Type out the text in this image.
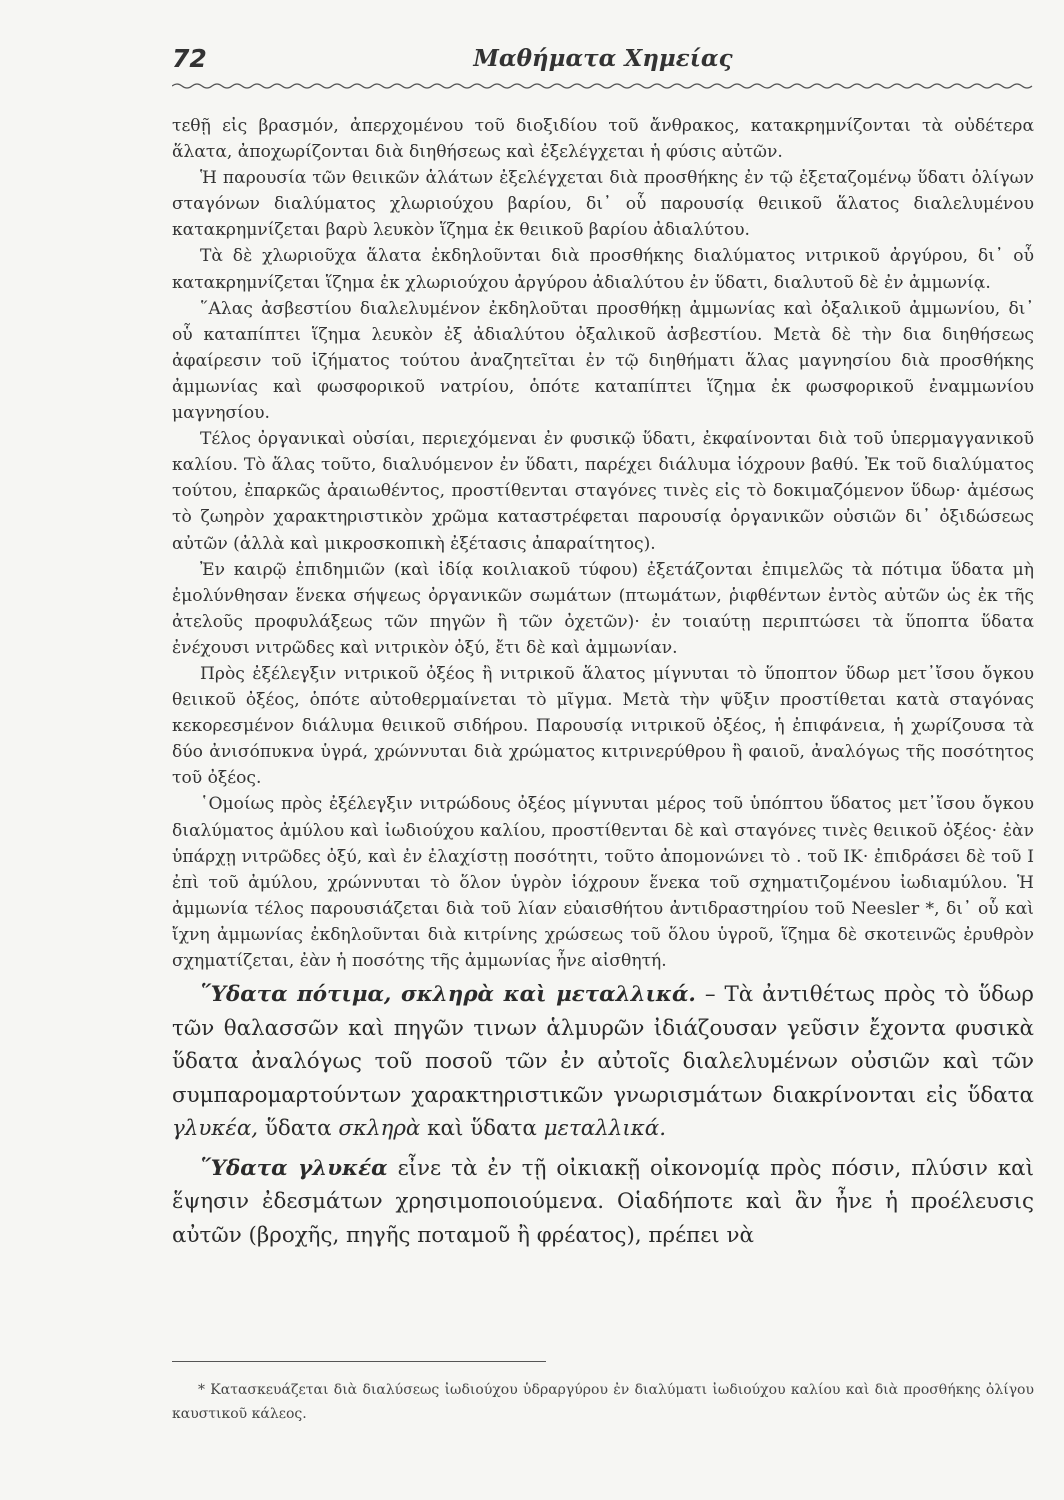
72	Μαθήματα Χημείας

τεθῇ εἰς βρασμόν, ἀπερχομένου τοῦ διοξιδίου τοῦ ἄνθρακος, κατακρημνίζονται τὰ οὐδέτερα ἅλατα, ἀποχωρίζονται διὰ διηθήσεως καὶ ἐξελέγχεται ἡ φύσις αὐτῶν.

Ἡ παρουσία τῶν θειικῶν ἁλάτων ἐξελέγχεται διὰ προσθήκης ἐν τῷ ἐξεταζομένῳ ὕδατι ὀλίγων σταγόνων διαλύματος χλωριούχου βαρίου, δι᾽ οὗ παρουσίᾳ θειικοῦ ἅλατος διαλελυμένου κατακρημνίζεται βαρὺ λευκὸν ἵζημα ἐκ θειικοῦ βαρίου ἀδιαλύτου.

Τὰ δὲ χλωριοῦχα ἅλατα ἐκδηλοῦνται διὰ προσθήκης διαλύματος νιτρικοῦ ἀργύρου, δι᾽ οὗ κατακρημνίζεται ἵζημα ἐκ χλωριούχου ἀργύρου ἀδιαλύτου ἐν ὕδατι, διαλυτοῦ δὲ ἐν ἀμμωνίᾳ.

῞Αλας ἀσβεστίου διαλελυμένον ἐκδηλοῦται προσθήκῃ ἀμμωνίας καὶ ὀξαλικοῦ ἀμμωνίου, δι᾽ οὗ καταπίπτει ἵζημα λευκὸν ἐξ ἀδιαλύτου ὀξαλικοῦ ἀσβεστίου. Μετὰ δὲ τὴν δια διηθήσεως ἀφαίρεσιν τοῦ ἱζήματος τούτου ἀναζητεῖται ἐν τῷ διηθήματι ἅλας μαγνησίου διὰ προσθήκης ἀμμωνίας καὶ φωσφορικοῦ νατρίου, ὁπότε καταπίπτει ἵζημα ἐκ φωσφορικοῦ ἐναμμωνίου μαγνησίου.

Τέλος ὀργανικαὶ οὐσίαι, περιεχόμεναι ἐν φυσικῷ ὕδατι, ἐκφαίνονται διὰ τοῦ ὑπερμαγγανικοῦ καλίου. Τὸ ἅλας τοῦτο, διαλυόμενον ἐν ὕδατι, παρέχει διάλυμα ἰόχρουν βαθύ. Ἐκ τοῦ διαλύματος τούτου, ἐπαρκῶς ἀραιωθέντος, προστίθενται σταγόνες τινὲς εἰς τὸ δοκιμαζόμενον ὕδωρ· ἀμέσως τὸ ζωηρὸν χαρακτηριστικὸν χρῶμα καταστρέφεται παρουσίᾳ ὀργανικῶν οὐσιῶν δι᾽ ὀξιδώσεως αὐτῶν (ἀλλὰ καὶ μικροσκοπικὴ ἐξέτασις ἀπαραίτητος).

Ἐν καιρῷ ἐπιδημιῶν (καὶ ἰδίᾳ κοιλιακοῦ τύφου) ἐξετάζονται ἐπιμελῶς τὰ πότιμα ὕδατα μὴ ἐμολύνθησαν ἕνεκα σήψεως ὀργανικῶν σωμάτων (πτωμάτων, ῥιφθέντων ἐντὸς αὐτῶν ὡς ἐκ τῆς ἀτελοῦς προφυλάξεως τῶν πηγῶν ἢ τῶν ὀχετῶν)· ἐν τοιαύτῃ περιπτώσει τὰ ὕποπτα ὕδατα ἐνέχουσι νιτρῶδες καὶ νιτρικὸν ὀξύ, ἔτι δὲ καὶ ἀμμωνίαν.

Πρὸς ἐξέλεγξιν νιτρικοῦ ὀξέος ἢ νιτρικοῦ ἅλατος μίγνυται τὸ ὕποπτον ὕδωρ μετ᾽ἴσου ὄγκου θειικοῦ ὀξέος, ὁπότε αὐτοθερμαίνεται τὸ μῖγμα. Μετὰ τὴν ψῦξιν προστίθεται κατὰ σταγόνας κεκορεσμένον διάλυμα θειικοῦ σιδήρου. Παρουσίᾳ νιτρικοῦ ὀξέος, ἡ ἐπιφάνεια, ἡ χωρίζουσα τὰ δύο ἀνισόπυκνα ὑγρά, χρώννυται διὰ χρώματος κιτρινερύθρου ἢ φαιοῦ, ἀναλόγως τῆς ποσότητος τοῦ ὀξέος.

῾Ομοίως πρὸς ἐξέλεγξιν νιτρώδους ὀξέος μίγνυται μέρος τοῦ ὑπόπτου ὕδατος μετ᾽ἴσου ὄγκου διαλύματος ἀμύλου καὶ ἰωδιούχου καλίου, προστίθενται δὲ καὶ σταγόνες τινὲς θειικοῦ ὀξέος· ἐὰν ὑπάρχῃ νιτρῶδες ὀξύ, καὶ ἐν ἐλαχίστῃ ποσότητι, τοῦτο ἀπομονώνει τὸ . τοῦ ΙΚ· ἐπιδράσει δὲ τοῦ Ι ἐπὶ τοῦ ἀμύλου, χρώννυται τὸ ὅλον ὑγρὸν ἰόχρουν ἕνεκα τοῦ σχηματιζομένου ἰωδιαμύλου. Ἡ ἀμμωνία τέλος παρουσιάζεται διὰ τοῦ λίαν εὐαισθήτου ἀντιδραστηρίου τοῦ Neesler *, δι᾽ οὗ καὶ ἴχνη ἀμμωνίας ἐκδηλοῦνται διὰ κιτρίνης χρώσεως τοῦ ὅλου ὑγροῦ, ἵζημα δὲ σκοτεινῶς ἐρυθρὸν σχηματίζεται, ἐὰν ἡ ποσότης τῆς ἀμμωνίας ἦνε αἰσθητή.

῞Υδατα πότιμα, σκληρὰ καὶ μεταλλικά. – Τὰ ἀντιθέτως πρὸς τὸ ὕδωρ τῶν θαλασσῶν καὶ πηγῶν τινων ἁλμυρῶν ἰδιάζουσαν γεῦσιν ἔχοντα φυσικὰ ὕδατα ἀναλόγως τοῦ ποσοῦ τῶν ἐν αὐτοῖς διαλελυμένων οὐσιῶν καὶ τῶν συμπαρομαρτούντων χαρακτηριστικῶν γνωρισμάτων διακρίνονται εἰς ὕδατα γλυκέα, ὕδατα σκληρὰ καὶ ὕδατα μεταλλικά.

῞Υδατα γλυκέα εἶνε τὰ ἐν τῇ οἰκιακῇ οἰκονομίᾳ πρὸς πόσιν, πλύσιν καὶ ἕψησιν ἐδεσμάτων χρησιμοποιούμενα. Οἱαδήποτε καὶ ἂν ἦνε ἡ προέλευσις αὐτῶν (βροχῆς, πηγῆς ποταμοῦ ἢ φρέατος), πρέπει νὰ

* Κατασκευάζεται διὰ διαλύσεως ἰωδιούχου ὑδραργύρου ἐν διαλύματι ἰωδιούχου καλίου καὶ διὰ προσθήκης ὀλίγου καυστικοῦ κάλεος.
